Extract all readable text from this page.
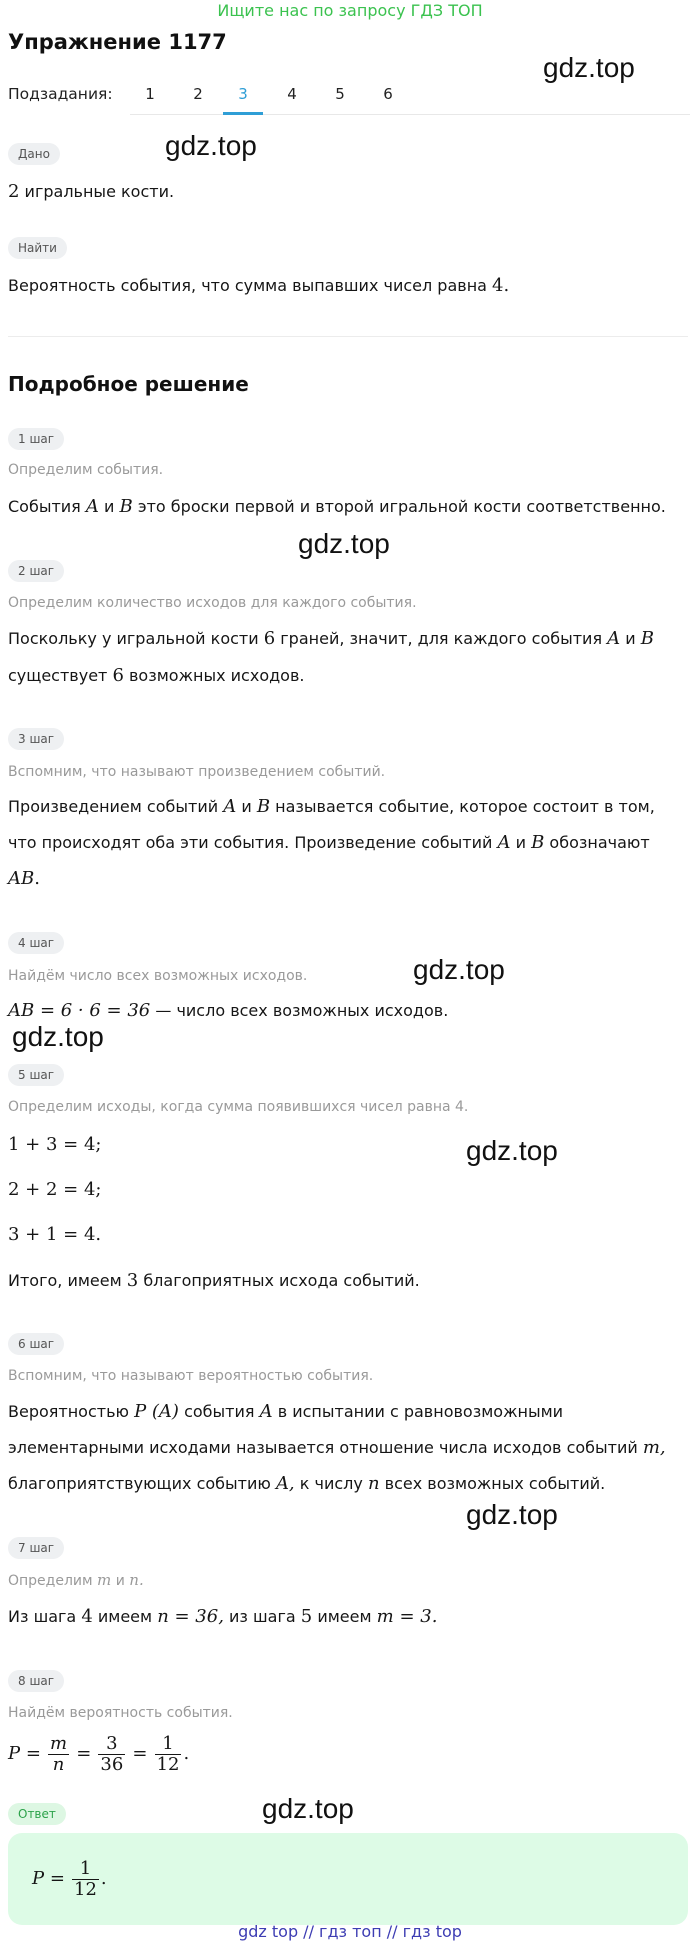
Ищите нас по запросу ГДЗ ТОП
Упражнение 1177
gdz.top
Подзадания:	1	2	3	4	5	6
Дано	gdz.top
2 игральные кости.
Найти
Вероятность события, что сумма выпавших чисел равна 4.
Подробное решение
1 шаг
Определим события.
События A и B это броски первой и второй игральной кости соответственно.
gdz.top
2 шаг
Определим количество исходов для каждого события.
Поскольку у игральной кости 6 граней, значит, для каждого события A и B
существует 6 возможных исходов.
3 шаг
Вспомним, что называют произведением событий.
Произведением событий A и B называется событие, которое состоит в том,
что происходят оба эти события. Произведение событий A и B обозначают
AB.
4 шаг
Найдём число всех возможных исходов.	gdz.top
AB = 6 · 6 = 36 — число всех возможных исходов.
gdz.top
5 шаг
Определим исходы, когда сумма появившихся чисел равна 4.
1 + 3 = 4;	gdz.top
2 + 2 = 4;
3 + 1 = 4.
Итого, имеем 3 благоприятных исхода событий.
6 шаг
Вспомним, что называют вероятностью события.
Вероятностью P (A) события A в испытании с равновозможными
элементарными исходами называется отношение числа исходов событий m,
благоприятствующих событию A, к числу n всех возможных событий.
gdz.top
7 шаг
Определим m и n.
Из шага 4 имеем n = 36, из шага 5 имеем m = 3.
8 шаг
Найдём вероятность события.
$P = \frac{m}{n} = \frac{3}{36} = \frac{1}{12}$ .
Ответ	gdz.top
$P = \frac{1}{12}$ .
gdz top // гдз топ // гдз top
